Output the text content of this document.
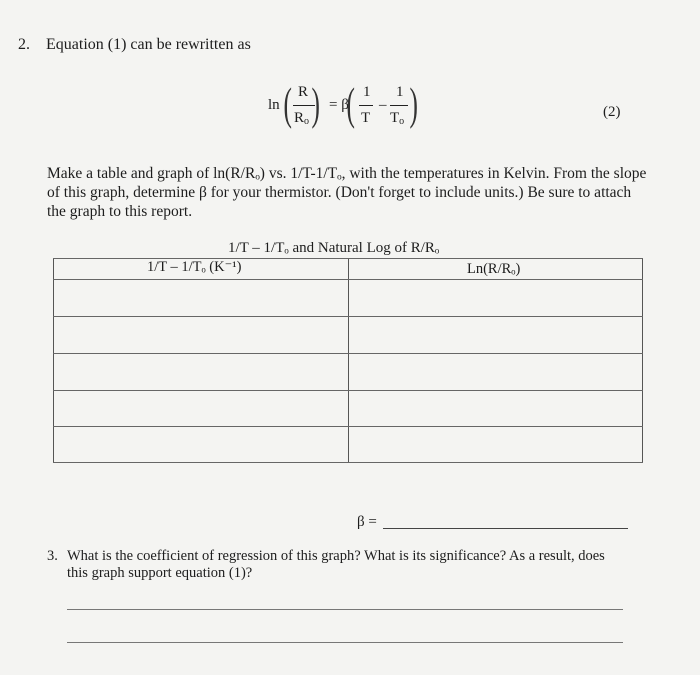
2. Equation (1) can be rewritten as
ln ( R
$R_o$ ) = β
( 1
T
–
1
$T_o$ )	(2)
Make a table and graph of ln(R/Rₒ) vs. 1/T-1/Tₒ, with the temperatures in Kelvin. From the slope of this graph, determine β for your thermistor. (Don't forget to include units.) Be sure to attach the graph to this report.
1/T – 1/Tₒ and Natural Log of R/Rₒ
1/T – 1/Tₒ (K⁻¹)	Ln(R/Rₒ)
β =
3. What is the coefficient of regression of this graph? What is its significance? As a result, does this graph support equation (1)?
